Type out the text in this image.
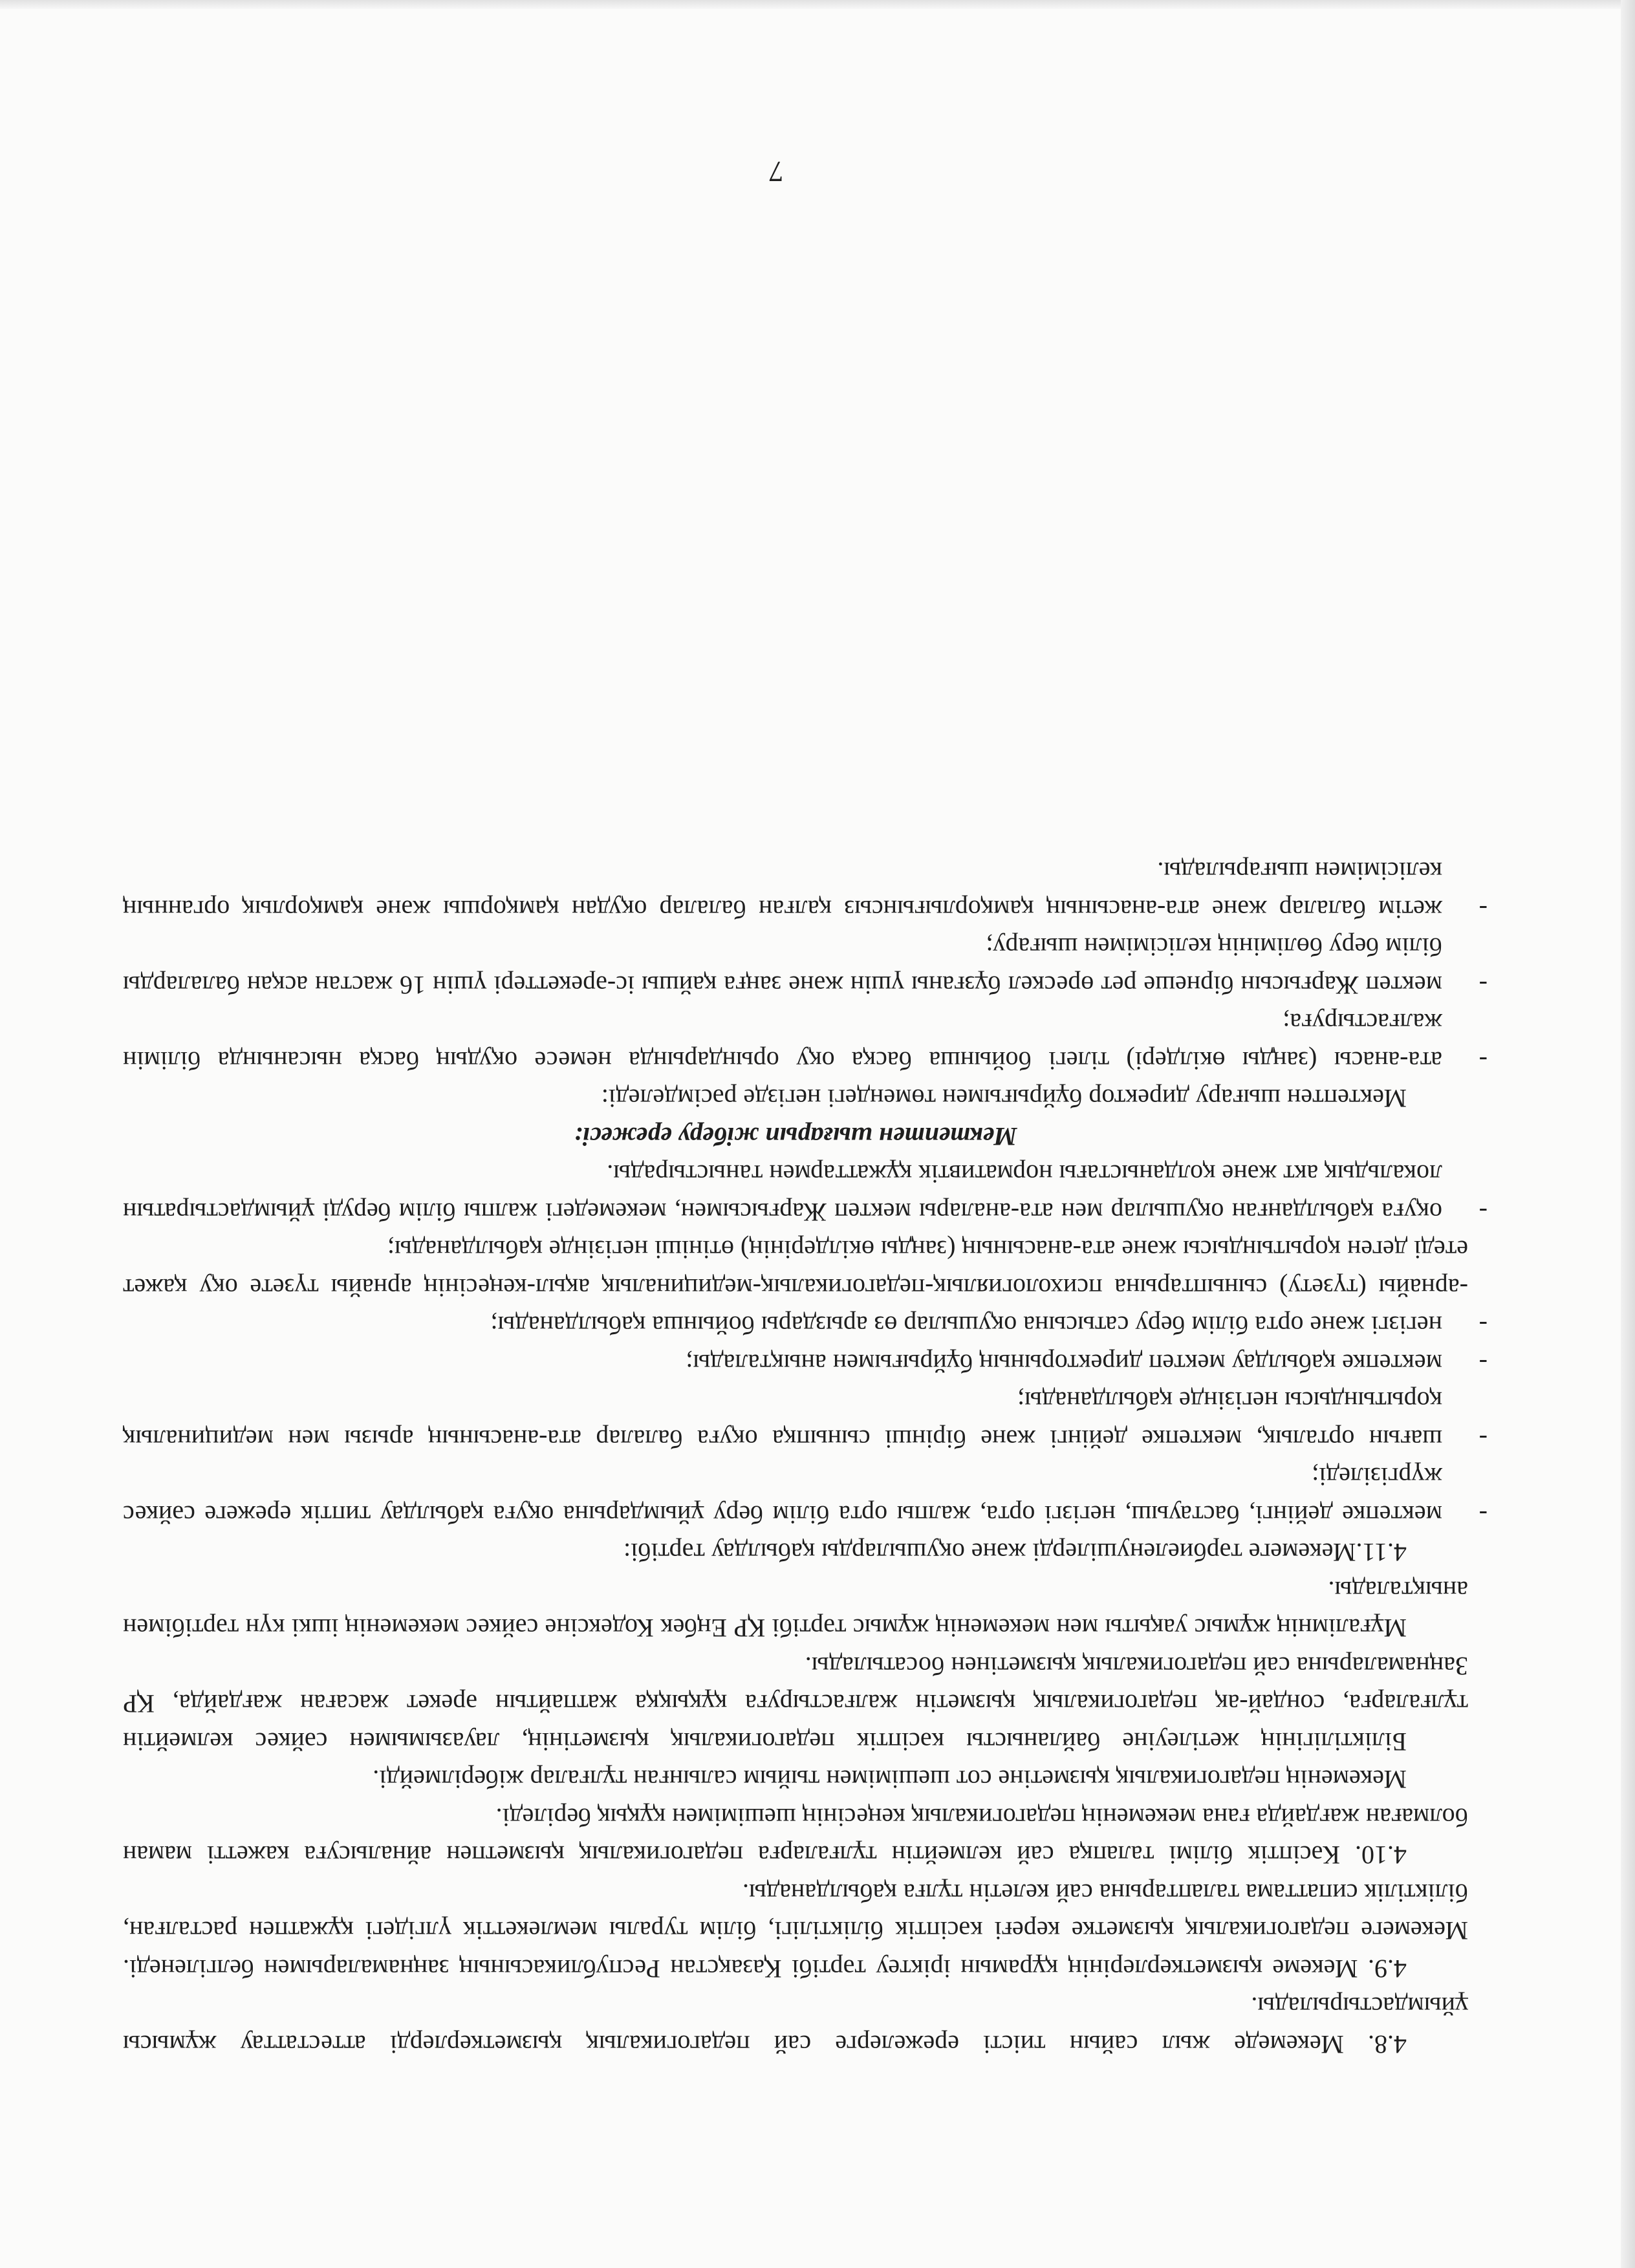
4.8. Мекемеде жыл сайын тиісті ережелерге сай педагогикалық қызметкерлерді аттестаттау жұмысы ұйымдастырылады.

4.9. Мекеме қызметкерлерінің құрамын іріктеу тәртібі Қазақстан Республикасының заңнамаларымен белгіленеді. Мекемеге педагогикалық қызметке кереғі кәсіптік біліктілігі, білім туралы мемлекеттік үлгідегі құжатпен расталған, біліктілік сипаттама талаптарына сай келетін тұлға қабылданады.

4.10. Кәсіптік білімі талапқа сай келмейтін тұлғаларға педагогикалық қызметпен айналысуға кажетті маман болмаған жағдайда ғана мекеменің педагогикалық кеңесінің шешімімен құқық беріледі.

Мекеменің педагогикалық қызметіне сот шешімімен тыйым салынған тұлғалар жіберілмейді.

Біліктілігінің жетілеуіне байланысты кәсіптік педагогикалық қызметінің, лауазымымен сәйкес келмейтін тұлғаларға, сондай-ақ педагогикалық қызметін жалғастыруға құқыққа жатпайтын әрекет жасаған жағдайда, ҚР Заңнамаларына сай педагогикалық қызметінен босатылады.

Мұғалімнің жұмыс уақыты мен мекеменің жұмыс тәртібі ҚР Еңбек Кодексіне сәйкес мекеменің ішкі күн тәртібімен анықталады.

4.11.Мекемеге тәрбиеленушілерді және оқушыларды қабылдау тәртібі:

- мектепке дейінгі, бастауыш, негізгі орта, жалпы орта білім беру ұйымдарына оқуға қабылдау типтік ережеге сәйкес жүргізіледі;

- шағын орталық, мектепке дейінгі және бірінші сыныпқа оқуға балалар ата-анасының арызы мен медициналық қорытындысы негізінде қабылданады;

- мектепке қабылдау мектеп директорының бұйрығымен анықталады;

- негізгі және орта білім беру сатысына оқушылар өз арыздары бойынша қабылданады;

-арнайы (түзету) сыныптарына психологиялық-педагогикалық-медициналық ақыл-кеңесінің арнайы түзете оқу қажет етеді деген қорытындысы және ата-анасының (заңды өкілдерінің) өтініші негізінде қабылданады;

- оқуға қабылданған оқушылар мен ата-аналары мектеп Жарғысымен, мекемедегі жалпы білім беруді ұйымдастыратын локальдық акт және қолданыстағы нормативтік құжаттармен таныстырады.

Мектептен шығарып жіберу ережесі:

Мектептен шығару директор бұйрығымен төмендегі негізде рәсімделеді:

- ата-анасы (заңды өкілдері) тілегі бойынша басқа оқу орындарында немесе оқудың басқа нысанында білімін жалғастыруға;

- мектеп Жарғысын бірнеше рет өрескел бұзғаны үшін және заңға қайшы іс-әрекеттері үшін 16 жастан асқан балаларды білім беру бөлімінің келісімімен шығару;

- жетім балалар және ата-анасының қамқорлығынсыз қалған балалар оқудан қамқоршы және қамқорлық органның келісімімен шығарылады.

7
